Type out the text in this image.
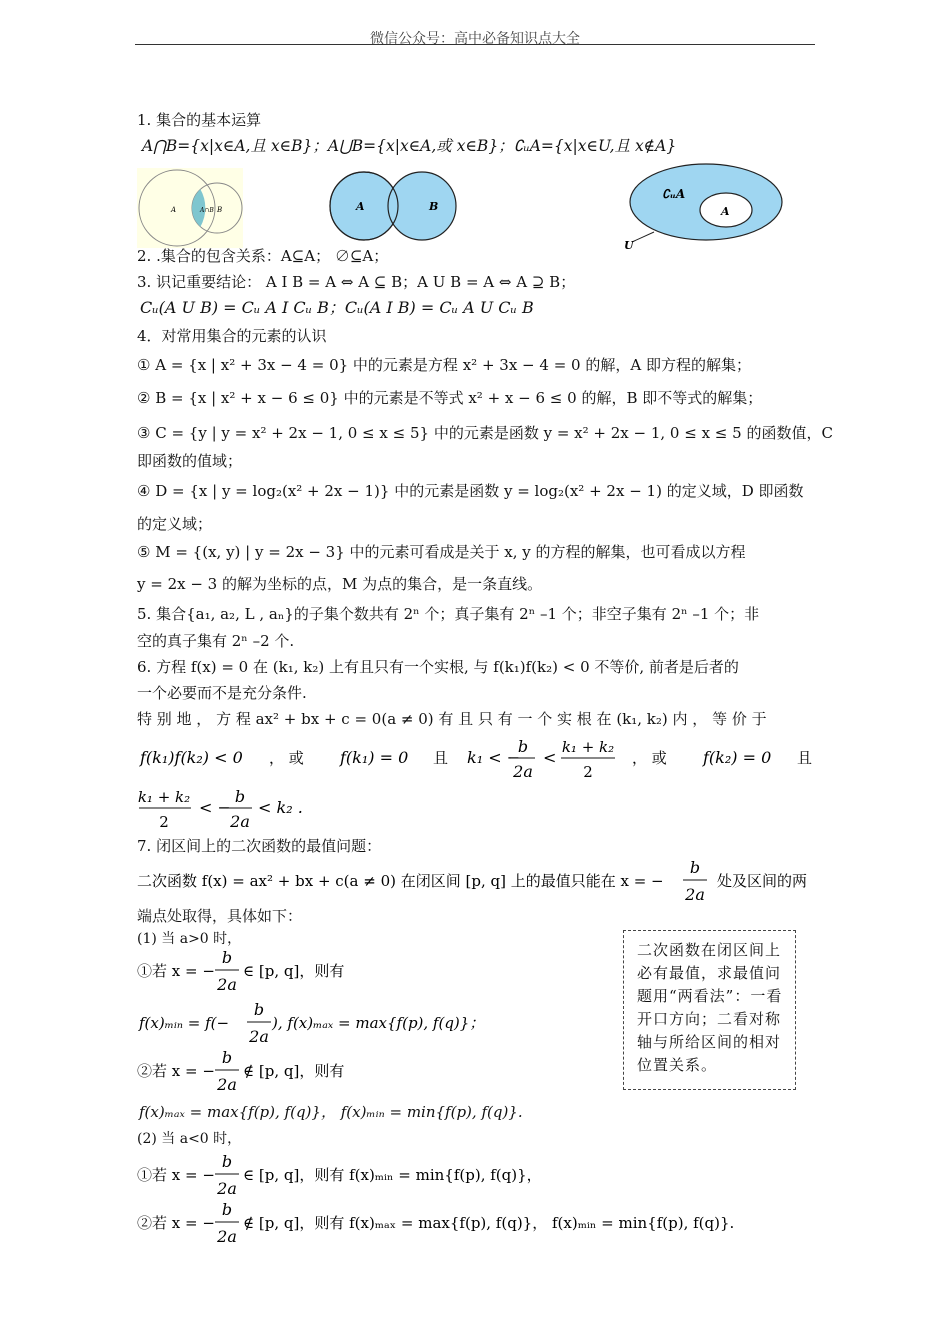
微信公众号：高中必备知识点大全
1. 集合的基本运算
A⋂B={x|x∈A,且 x∈B}；A⋃B={x|x∈A,或 x∈B}；∁ᵤA={x|x∈U,且 x∉A}
A	A∩B B	A	B
∁ᵤA
A
U
2. .集合的包含关系：A⊆A； ∅⊆A；
3. 识记重要结论： A I B = A ⇔ A ⊆ B；A U B = A ⇔ A ⊇ B；
Cᵤ(A U B) = Cᵤ A I Cᵤ B；Cᵤ(A I B) = Cᵤ A U Cᵤ B
4．对常用集合的元素的认识
① A = {x | x² + 3x − 4 = 0} 中的元素是方程 x² + 3x − 4 = 0 的解，A 即方程的解集；
② B = {x | x² + x − 6 ≤ 0} 中的元素是不等式 x² + x − 6 ≤ 0 的解，B 即不等式的解集；
③ C = {y | y = x² + 2x − 1, 0 ≤ x ≤ 5} 中的元素是函数 y = x² + 2x − 1, 0 ≤ x ≤ 5 的函数值，C
即函数的值域；
④ D = {x | y = log₂(x² + 2x − 1)} 中的元素是函数 y = log₂(x² + 2x − 1) 的定义域，D 即函数
的定义域；
⑤ M = {(x, y) | y = 2x − 3} 中的元素可看成是关于 x, y 的方程的解集，也可看成以方程
y = 2x − 3 的解为坐标的点，M 为点的集合，是一条直线。
5. 集合{a₁, a₂, L , aₙ}的子集个数共有 2ⁿ 个；真子集有 2ⁿ –1 个；非空子集有 2ⁿ –1 个；非
空的真子集有 2ⁿ –2 个.
6. 方程 f(x) = 0 在 (k₁, k₂) 上有且只有一个实根, 与 f(k₁)f(k₂) < 0 不等价, 前者是后者的
一个必要而不是充分条件.
特 别 地 ， 方 程 ax² + bx + c = 0(a ≠ 0) 有 且 只 有 一 个 实 根 在 (k₁, k₂) 内 ， 等 价 于
f(k₁)f(k₂) < 0 ， 或 f(k₁) = 0 且 k₁ < −
b
2a
<
k₁ + k₂
2
， 或 f(k₂) = 0 且
k₁ + k₂
2
< −
b
2a
< k₂ .
7. 闭区间上的二次函数的最值问题：
二次函数 f(x) = ax² + bx + c(a ≠ 0) 在闭区间 [p, q] 上的最值只能在 x = −
b
2a
处及区间的两
端点处取得，具体如下：
(1) 当 a>0 时，
①若 x = −
b
2a
∈ [p, q]，则有
f(x)ₘᵢₙ = f(−
b
2a
), f(x)ₘₐₓ = max{f(p), f(q)}；
②若 x = −
b
2a
∉ [p, q]，则有
f(x)ₘₐₓ = max{f(p), f(q)}， f(x)ₘᵢₙ = min{f(p), f(q)}.
(2) 当 a<0 时，
①若 x = −
b
2a
∈ [p, q]，则有 f(x)ₘᵢₙ = min{f(p), f(q)}，
②若 x = −
b
2a
∉ [p, q]，则有 f(x)ₘₐₓ = max{f(p), f(q)}， f(x)ₘᵢₙ = min{f(p), f(q)}.
二次函数在闭区间上必有最值，求最值问题用“两看法”：一看开口方向；二看对称轴与所给区间的相对位置关系。
